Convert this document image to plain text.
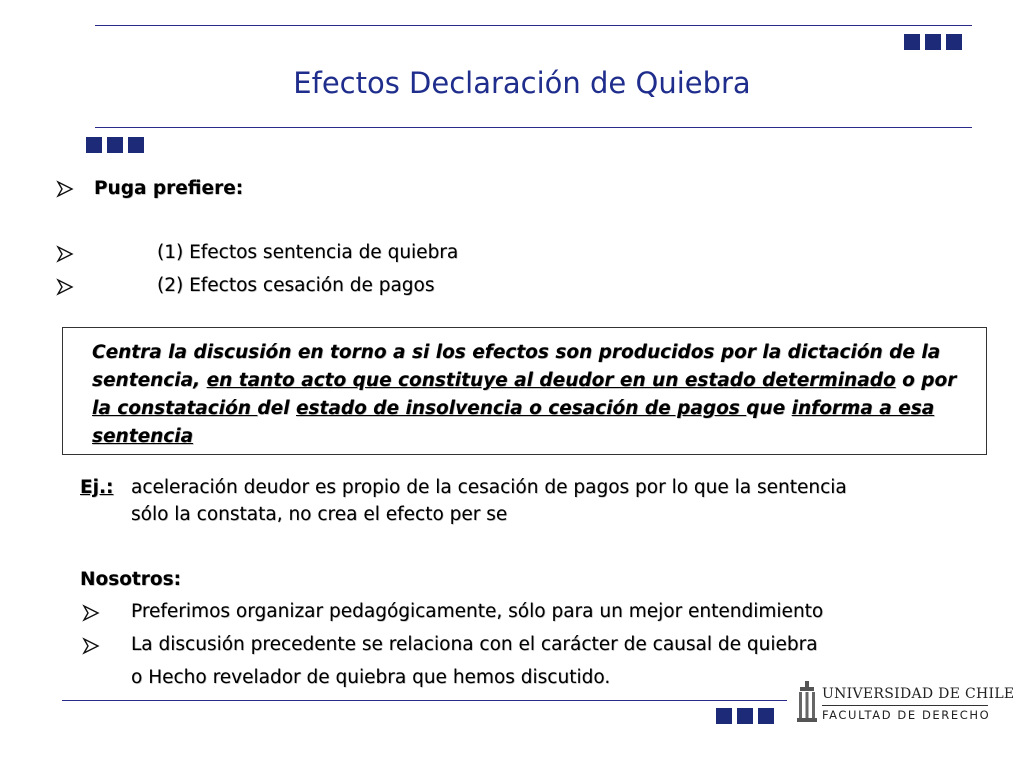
Efectos Declaración de Quiebra
Puga prefiere:
(1) Efectos sentencia de quiebra
(2) Efectos cesación de pagos
Centra la discusión en torno a si los efectos son producidos por la dictación de la sentencia, en tanto acto que constituye al deudor en un estado determinado o por la constatación del estado de insolvencia o cesación de pagos que informa a esa sentencia
Ej.: aceleración deudor es propio de la cesación de pagos por lo que la sentencia
sólo la constata, no crea el efecto per se
Nosotros:
Preferimos organizar pedagógicamente, sólo para un mejor entendimiento
La discusión precedente se relaciona con el carácter de causal de quiebra
o Hecho revelador de quiebra que hemos discutido.
UNIVERSIDAD DE CHILE
FACULTAD DE DERECHO
